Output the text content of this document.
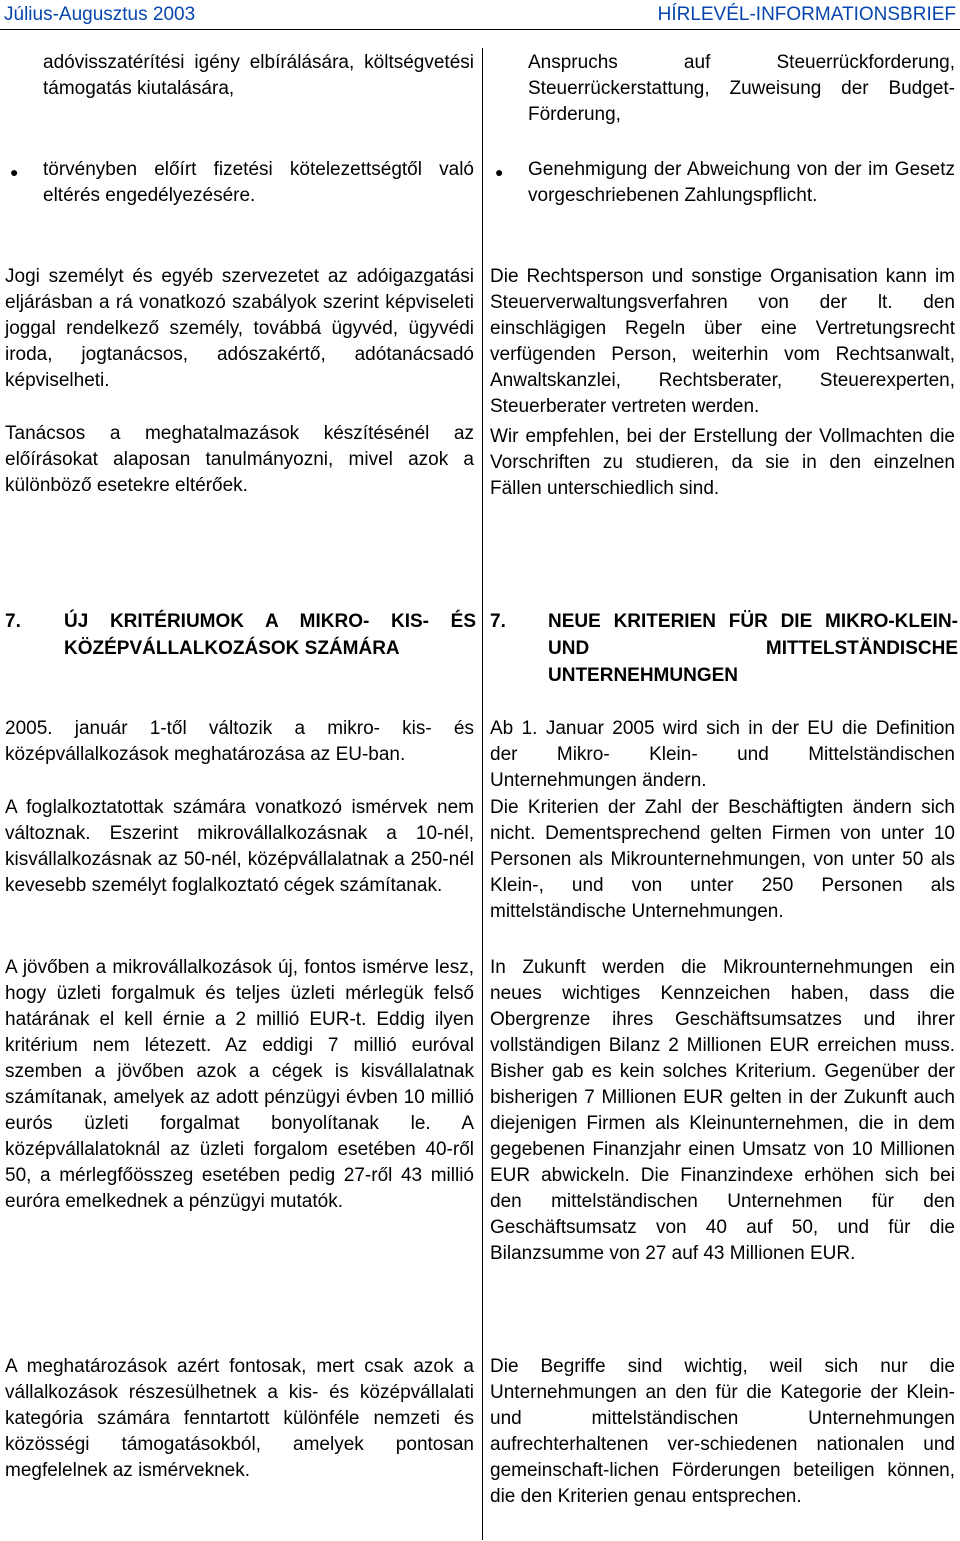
Július-Augusztus 2003	HÍRLEVÉL-INFORMATIONSBRIEF

adóvisszatérítési igény elbírálására, költségvetési támogatás kiutalására,

● törvényben előírt fizetési kötelezettségtől való eltérés engedélyezésére.

Jogi személyt és egyéb szervezetet az adóigazgatási eljárásban a rá vonatkozó szabályok szerint képviseleti joggal rendelkező személy, továbbá ügyvéd, ügyvédi iroda, jogtanácsos, adószakértő, adótanácsadó képviselheti.

Tanácsos a meghatalmazások készítésénél az előírásokat alaposan tanulmányozni, mivel azok a különböző esetekre eltérőek.

7. ÚJ KRITÉRIUMOK A MIKRO- KIS- ÉS KÖZÉPVÁLLALKOZÁSOK SZÁMÁRA

2005. január 1-től változik a mikro- kis- és középvállalkozások meghatározása az EU-ban.

A foglalkoztatottak számára vonatkozó ismérvek nem változnak. Eszerint mikrovállalkozásnak a 10-nél, kisvállalkozásnak az 50-nél, középvállalatnak a 250-nél kevesebb személyt foglalkoztató cégek számítanak.

A jövőben a mikrovállalkozások új, fontos ismérve lesz, hogy üzleti forgalmuk és teljes üzleti mérlegük felső határának el kell érnie a 2 millió EUR-t. Eddig ilyen kritérium nem létezett. Az eddigi 7 millió euróval szemben a jövőben azok a cégek is kisvállalatnak számítanak, amelyek az adott pénzügyi évben 10 millió eurós üzleti forgalmat bonyolítanak le. A középvállalatoknál az üzleti forgalom esetében 40-ről 50, a mérlegfőösszeg esetében pedig 27-ről 43 millió euróra emelkednek a pénzügyi mutatók.

A meghatározások azért fontosak, mert csak azok a vállalkozások részesülhetnek a kis- és középvállalati kategória számára fenntartott különféle nemzeti és közösségi támogatásokból, amelyek pontosan megfelelnek az ismérveknek.

Anspruchs auf Steuerrückforderung, Steuerrückerstattung, Zuweisung der Budget-Förderung,

● Genehmigung der Abweichung von der im Gesetz vorgeschriebenen Zahlungspflicht.

Die Rechtsperson und sonstige Organisation kann im Steuerverwaltungsverfahren von der lt. den einschlägigen Regeln über eine Vertretungsrecht verfügenden Person, weiterhin vom Rechtsanwalt, Anwaltskanzlei, Rechtsberater, Steuerexperten, Steuerberater vertreten werden.

Wir empfehlen, bei der Erstellung der Vollmachten die Vorschriften zu studieren, da sie in den einzelnen Fällen unterschiedlich sind.

7. NEUE KRITERIEN FÜR DIE MIKRO-KLEIN- UND MITTELSTÄNDISCHE UNTERNEHMUNGEN

Ab 1. Januar 2005 wird sich in der EU die Definition der Mikro- Klein- und Mittelständischen Unternehmungen ändern.

Die Kriterien der Zahl der Beschäftigten ändern sich nicht. Dementsprechend gelten Firmen von unter 10 Personen als Mikrounternehmungen, von unter 50 als Klein-, und von unter 250 Personen als mittelständische Unternehmungen.

In Zukunft werden die Mikrounternehmungen ein neues wichtiges Kennzeichen haben, dass die Obergrenze ihres Geschäftsumsatzes und ihrer vollständigen Bilanz 2 Millionen EUR erreichen muss. Bisher gab es kein solches Kriterium. Gegenüber der bisherigen 7 Millionen EUR gelten in der Zukunft auch diejenigen Firmen als Kleinunternehmen, die in dem gegebenen Finanzjahr einen Umsatz von 10 Millionen EUR abwickeln. Die Finanzindexe erhöhen sich bei den mittelständischen Unternehmen für den Geschäftsumsatz von 40 auf 50, und für die Bilanzsumme von 27 auf 43 Millionen EUR.

Die Begriffe sind wichtig, weil sich nur die Unternehmungen an den für die Kategorie der Klein- und mittelständischen Unternehmungen aufrechterhaltenen ver-schiedenen nationalen und gemeinschaft-lichen Förderungen beteiligen können, die den Kriterien genau entsprechen.
